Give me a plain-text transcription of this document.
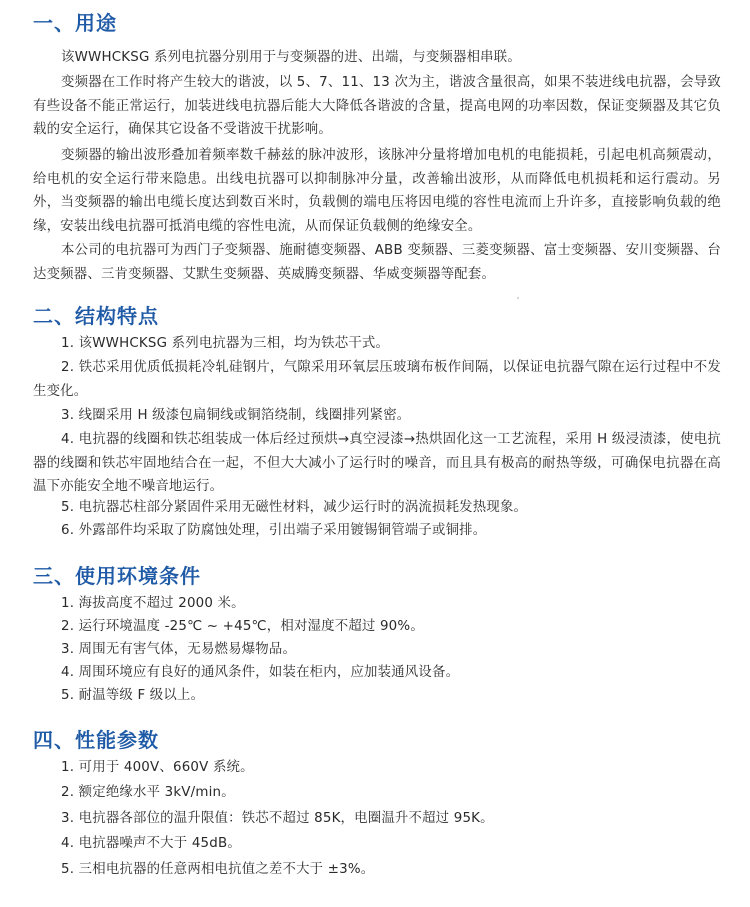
一、用途

该WWHCKSG 系列电抗器分别用于与变频器的进、出端，与变频器相串联。

变频器在工作时将产生较大的谐波，以 5、7、11、13 次为主，谐波含量很高，如果不装进线电抗器，会导致有些设备不能正常运行，加装进线电抗器后能大大降低各谐波的含量，提高电网的功率因数，保证变频器及其它负载的安全运行，确保其它设备不受谐波干扰影响。

变频器的输出波形叠加着频率数千赫兹的脉冲波形，该脉冲分量将增加电机的电能损耗，引起电机高频震动，给电机的安全运行带来隐患。出线电抗器可以抑制脉冲分量，改善输出波形，从而降低电机损耗和运行震动。另外，当变频器的输出电缆长度达到数百米时，负载侧的端电压将因电缆的容性电流而上升许多，直接影响负载的绝缘，安装出线电抗器可抵消电缆的容性电流，从而保证负载侧的绝缘安全。

本公司的电抗器可为西门子变频器、施耐德变频器、ABB 变频器、三菱变频器、富士变频器、安川变频器、台达变频器、三肯变频器、艾默生变频器、英威腾变频器、华威变频器等配套。

二、结构特点

1. 该WWHCKSG 系列电抗器为三相，均为铁芯干式。

2. 铁芯采用优质低损耗冷轧硅钢片，气隙采用环氧层压玻璃布板作间隔，以保证电抗器气隙在运行过程中不发生变化。

3. 线圈采用 H 级漆包扁铜线或铜箔绕制，线圈排列紧密。

4. 电抗器的线圈和铁芯组装成一体后经过预烘→真空浸漆→热烘固化这一工艺流程，采用 H 级浸渍漆，使电抗器的线圈和铁芯牢固地结合在一起，不但大大减小了运行时的噪音，而且具有极高的耐热等级，可确保电抗器在高温下亦能安全地不噪音地运行。

5. 电抗器芯柱部分紧固件采用无磁性材料，减少运行时的涡流损耗发热现象。

6. 外露部件均采取了防腐蚀处理，引出端子采用镀锡铜管端子或铜排。

三、使用环境条件

1. 海拔高度不超过 2000 米。

2. 运行环境温度 -25℃ ~ +45℃，相对湿度不超过 90%。

3. 周围无有害气体，无易燃易爆物品。

4. 周围环境应有良好的通风条件，如装在柜内，应加装通风设备。

5. 耐温等级 F 级以上。

四、性能参数

1. 可用于 400V、660V 系统。

2. 额定绝缘水平 3kV/min。

3. 电抗器各部位的温升限值：铁芯不超过 85K，电圈温升不超过 95K。

4. 电抗器噪声不大于 45dB。

5. 三相电抗器的任意两相电抗值之差不大于 ±3%。
